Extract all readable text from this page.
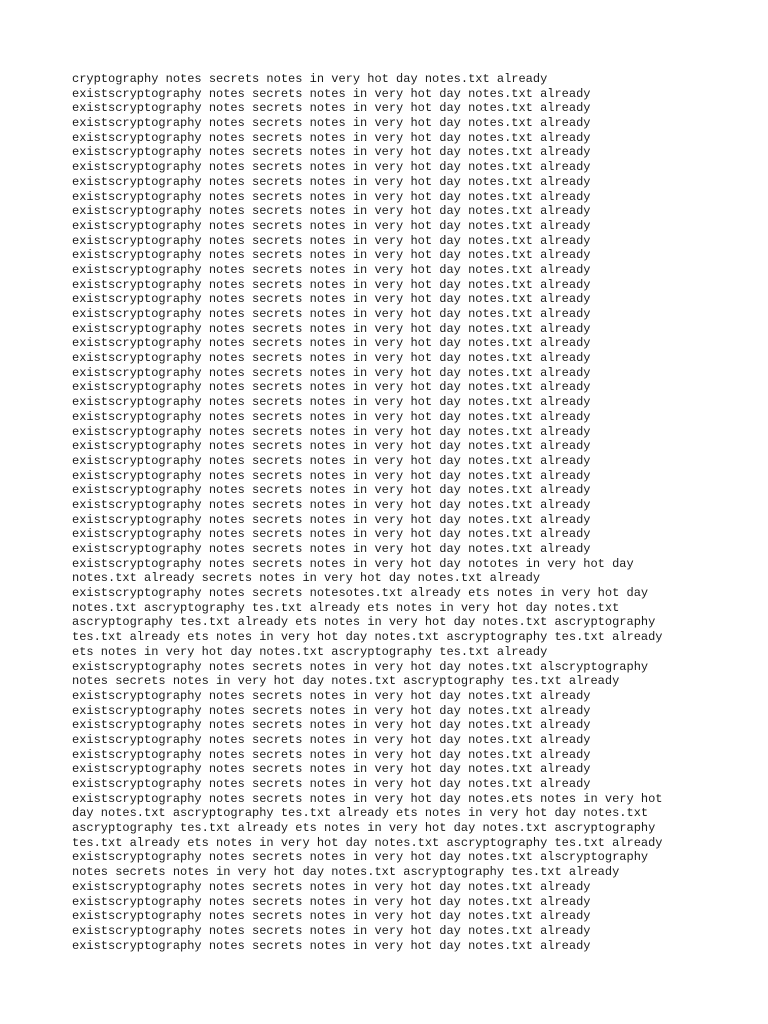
cryptography notes secrets notes in very hot day notes.txt already
existscryptography notes secrets notes in very hot day notes.txt already
existscryptography notes secrets notes in very hot day notes.txt already
existscryptography notes secrets notes in very hot day notes.txt already
existscryptography notes secrets notes in very hot day notes.txt already
existscryptography notes secrets notes in very hot day notes.txt already
existscryptography notes secrets notes in very hot day notes.txt already
existscryptography notes secrets notes in very hot day notes.txt already
existscryptography notes secrets notes in very hot day notes.txt already
existscryptography notes secrets notes in very hot day notes.txt already
existscryptography notes secrets notes in very hot day notes.txt already
existscryptography notes secrets notes in very hot day notes.txt already
existscryptography notes secrets notes in very hot day notes.txt already
existscryptography notes secrets notes in very hot day notes.txt already
existscryptography notes secrets notes in very hot day notes.txt already
existscryptography notes secrets notes in very hot day notes.txt already
existscryptography notes secrets notes in very hot day notes.txt already
existscryptography notes secrets notes in very hot day notes.txt already
existscryptography notes secrets notes in very hot day notes.txt already
existscryptography notes secrets notes in very hot day notes.txt already
existscryptography notes secrets notes in very hot day notes.txt already
existscryptography notes secrets notes in very hot day notes.txt already
existscryptography notes secrets notes in very hot day notes.txt already
existscryptography notes secrets notes in very hot day notes.txt already
existscryptography notes secrets notes in very hot day notes.txt already
existscryptography notes secrets notes in very hot day notes.txt already
existscryptography notes secrets notes in very hot day notes.txt already
existscryptography notes secrets notes in very hot day notes.txt already
existscryptography notes secrets notes in very hot day notes.txt already
existscryptography notes secrets notes in very hot day notes.txt already
existscryptography notes secrets notes in very hot day notes.txt already
existscryptography notes secrets notes in very hot day notes.txt already
existscryptography notes secrets notes in very hot day notes.txt already
existscryptography notes secrets notes in very hot day nototes in very hot day
notes.txt already secrets notes in very hot day notes.txt already
existscryptography notes secrets notesotes.txt already ets notes in very hot day
notes.txt ascryptography tes.txt already ets notes in very hot day notes.txt
ascryptography tes.txt already ets notes in very hot day notes.txt ascryptography
tes.txt already ets notes in very hot day notes.txt ascryptography tes.txt already
ets notes in very hot day notes.txt ascryptography tes.txt already
existscryptography notes secrets notes in very hot day notes.txt alscryptography
notes secrets notes in very hot day notes.txt ascryptography tes.txt already
existscryptography notes secrets notes in very hot day notes.txt already
existscryptography notes secrets notes in very hot day notes.txt already
existscryptography notes secrets notes in very hot day notes.txt already
existscryptography notes secrets notes in very hot day notes.txt already
existscryptography notes secrets notes in very hot day notes.txt already
existscryptography notes secrets notes in very hot day notes.txt already
existscryptography notes secrets notes in very hot day notes.txt already
existscryptography notes secrets notes in very hot day notes.ets notes in very hot
day notes.txt ascryptography tes.txt already ets notes in very hot day notes.txt
ascryptography tes.txt already ets notes in very hot day notes.txt ascryptography
tes.txt already ets notes in very hot day notes.txt ascryptography tes.txt already
existscryptography notes secrets notes in very hot day notes.txt alscryptography
notes secrets notes in very hot day notes.txt ascryptography tes.txt already
existscryptography notes secrets notes in very hot day notes.txt already
existscryptography notes secrets notes in very hot day notes.txt already
existscryptography notes secrets notes in very hot day notes.txt already
existscryptography notes secrets notes in very hot day notes.txt already
existscryptography notes secrets notes in very hot day notes.txt already
